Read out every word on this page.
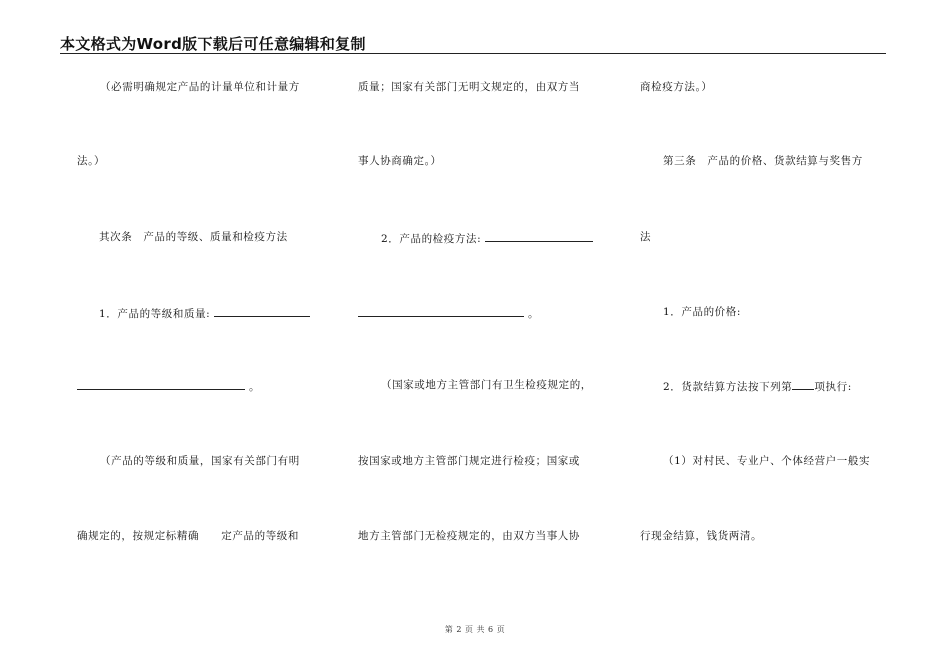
本文格式为Word版下载后可任意编辑和复制
（必需明确规定产品的计量单位和计量方
法。）
其次条　产品的等级、质量和检疫方法
1．产品的等级和质量:
。
（产品的等级和质量，国家有关部门有明
确规定的，按规定标精确　　定产品的等级和
质量；国家有关部门无明文规定的，由双方当
事人协商确定。）
2．产品的检疫方法:
。
（国家或地方主管部门有卫生检疫规定的，
按国家或地方主管部门规定进行检疫；国家或
地方主管部门无检疫规定的，由双方当事人协
商检疫方法。）
第三条　产品的价格、货款结算与奖售方
法
1．产品的价格:
2．货款结算方法按下列第 项执行:
（1）对村民、专业户、个体经营户一般实
行现金结算，钱货两清。
第 2 页 共 6 页
